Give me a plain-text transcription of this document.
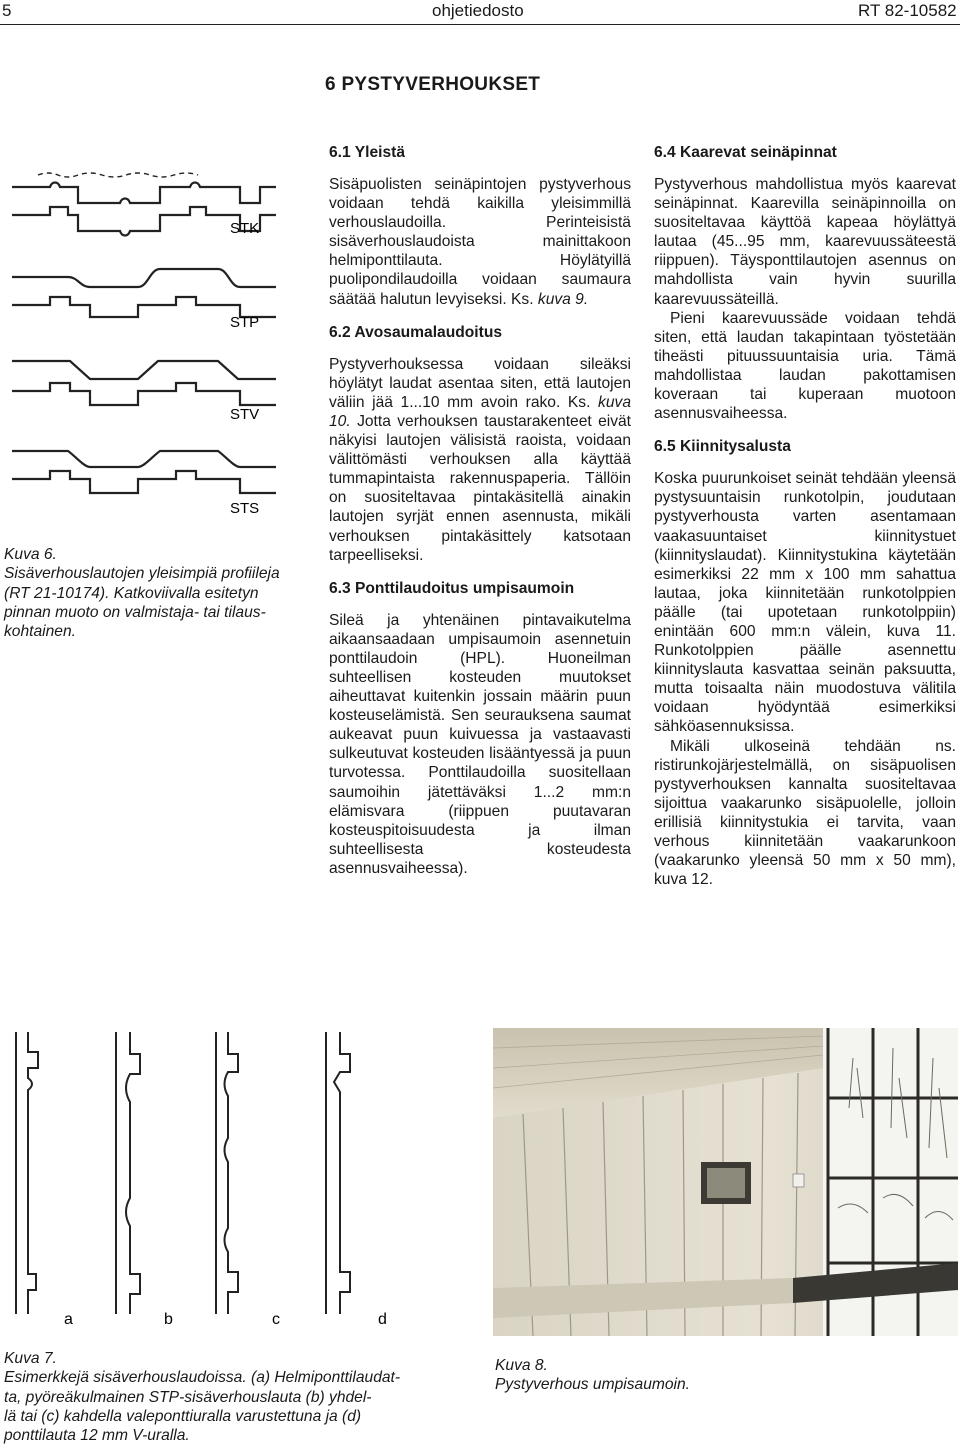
5	ohjetiedosto	RT 82-10582
6 PYSTYVERHOUKSET
STK
STP
STV
STS
Kuva 6.
Sisäverhouslautojen yleisimpiä profiileja
(RT 21-10174). Katkoviivalla esitetyn
pinnan muoto on valmistaja- tai tilaus-
kohtainen.
6.1 Yleistä

Sisäpuolisten seinäpintojen pystyverhous voidaan tehdä kaikilla yleisimmillä verhouslaudoilla. Perinteisistä sisäverhouslaudoista mainittakoon helmiponttilauta. Höylätyillä puolipondilaudoilla voidaan saumaura säätää halutun levyiseksi. Ks. kuva 9.

6.2 Avosaumalaudoitus

Pystyverhouksessa voidaan sileäksi höylätyt laudat asentaa siten, että lautojen väliin jää 1...10 mm avoin rako. Ks. kuva 10. Jotta verhouksen taustarakenteet eivät näkyisi lautojen välisistä raoista, voidaan välittömästi verhouksen alla käyttää tummapintaista rakennuspaperia. Tällöin on suositeltavaa pintakäsitellä ainakin lautojen syrjät ennen asennusta, mikäli verhouksen pintakäsittely katsotaan tarpeelliseksi.

6.3 Ponttilaudoitus umpisaumoin

Sileä ja yhtenäinen pintavaikutelma aikaansaadaan umpisaumoin asennetuin ponttilaudoin (HPL). Huoneilman suhteellisen kosteuden muutokset aiheuttavat kuitenkin jossain määrin puun kosteuselämistä. Sen seurauksena saumat aukeavat puun kuivuessa ja vastaavasti sulkeutuvat kosteuden lisääntyessä ja puun turvotessa. Ponttilaudoilla suositellaan saumoihin jätettäväksi 1...2 mm:n elämisvara (riippuen puutavaran kosteuspitoisuudesta ja ilman suhteellisesta kosteudesta asennusvaiheessa).

6.4 Kaarevat seinäpinnat

Pystyverhous mahdollistua myös kaarevat seinäpinnat. Kaarevilla seinäpinnoilla on suositeltavaa käyttöä kapeaa höylättyä lautaa (45...95 mm, kaarevuussäteestä riippuen). Täysponttilautojen asennus on mahdollista vain hyvin suurilla kaarevuussäteillä.

Pieni kaarevuussäde voidaan tehdä siten, että laudan takapintaan työstetään tiheästi pituussuuntaisia uria. Tämä mahdollistaa laudan pakottamisen koveraan tai kuperaan muotoon asennusvaiheessa.

6.5 Kiinnitysalusta

Koska puurunkoiset seinät tehdään yleensä pystysuuntaisin runkotolpin, joudutaan pystyverhousta varten asentamaan vaakasuuntaiset kiinnitystuet (kiinnityslaudat). Kiinnitystukina käytetään esimerkiksi 22 mm x 100 mm sahattua lautaa, joka kiinnitetään runkotolppien päälle (tai upotetaan runkotolppiin) enintään 600 mm:n välein, kuva 11. Runkotolppien päälle asennettu kiinnityslauta kasvattaa seinän paksuutta, mutta toisaalta näin muodostuva välitila voidaan hyödyntää esimerkiksi sähköasennuksissa.

Mikäli ulkoseinä tehdään ns. ristirunkojärjestelmällä, on sisäpuolisen pystyverhouksen kannalta suositeltavaa sijoittua vaakarunko sisäpuolelle, jolloin erillisiä kiinnitystukia ei tarvita, vaan verhous kiinnitetään vaakarunkoon (vaakarunko yleensä 50 mm x 50 mm), kuva 12.

a	b	c	d
Kuva 7.
Esimerkkejä sisäverhouslaudoissa. (a) Helmiponttilaudat-
ta, pyöreäkulmainen STP-sisäverhouslauta (b) yhdel-
lä tai (c) kahdella valeponttiuralla varustettuna ja (d)
ponttilauta 12 mm V-uralla.
Kuva 8.
Pystyverhous umpisaumoin.
